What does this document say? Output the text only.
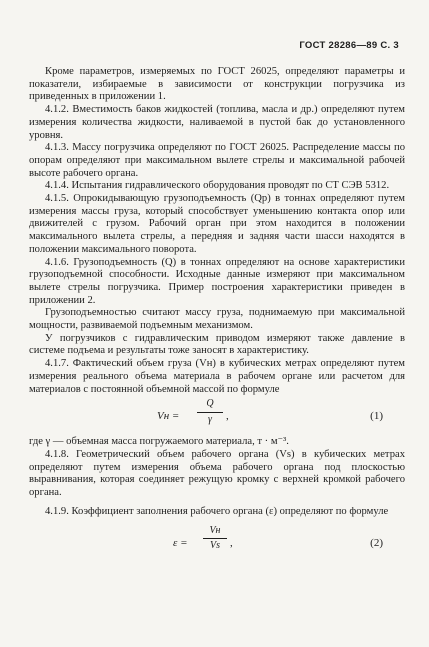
ГОСТ 28286—89 С. 3

Кроме параметров, измеряемых по ГОСТ 26025, определяют параметры и показатели, избираемые в зависимости от конструкции погрузчика из приведенных в приложении 1.

4.1.2. Вместимость баков жидкостей (топлива, масла и др.) определяют путем измерения количества жидкости, наливаемой в пустой бак до установленного уровня.

4.1.3. Массу погрузчика определяют по ГОСТ 26025. Распределение массы по опорам определяют при максимальном вылете стрелы и максимальной рабочей высоте рабочего органа.

4.1.4. Испытания гидравлического оборудования проводят по СТ СЭВ 5312.

4.1.5. Опрокидывающую грузоподъемность (Qр) в тоннах определяют путем измерения массы груза, который способствует уменьшению контакта опор или движителей с грузом. Рабочий орган при этом находится в положении максимального вылета стрелы, а передняя и задняя части шасси находятся в положении максимального поворота.

4.1.6. Грузоподъемность (Q) в тоннах определяют на основе характеристики грузоподъемной способности. Исходные данные измеряют при максимальном вылете стрелы погрузчика. Пример построения характеристики приведен в приложении 2.

Грузоподъемностью считают массу груза, поднимаемую при максимальной мощности, развиваемой подъемным механизмом.

У погрузчиков с гидравлическим приводом измеряют также давление в системе подъема и результаты тоже заносят в характеристику.

4.1.7. Фактический объем груза (Vн) в кубических метрах определяют путем измерения реального объема материала в рабочем органе или расчетом для материалов с постоянной объемной массой по формуле

Vн =
Q
γ	,	(1)

где γ — объемная масса погружаемого материала, т · м⁻³.

4.1.8. Геометрический объем рабочего органа (Vs) в кубических метрах определяют путем измерения объема рабочего органа под плоскостью выравнивания, которая соединяет режущую кромку с верхней кромкой рабочего органа.

4.1.9. Коэффициент заполнения рабочего органа (ε) определяют по формуле

ε =
Vн
Vs ,	(2)
